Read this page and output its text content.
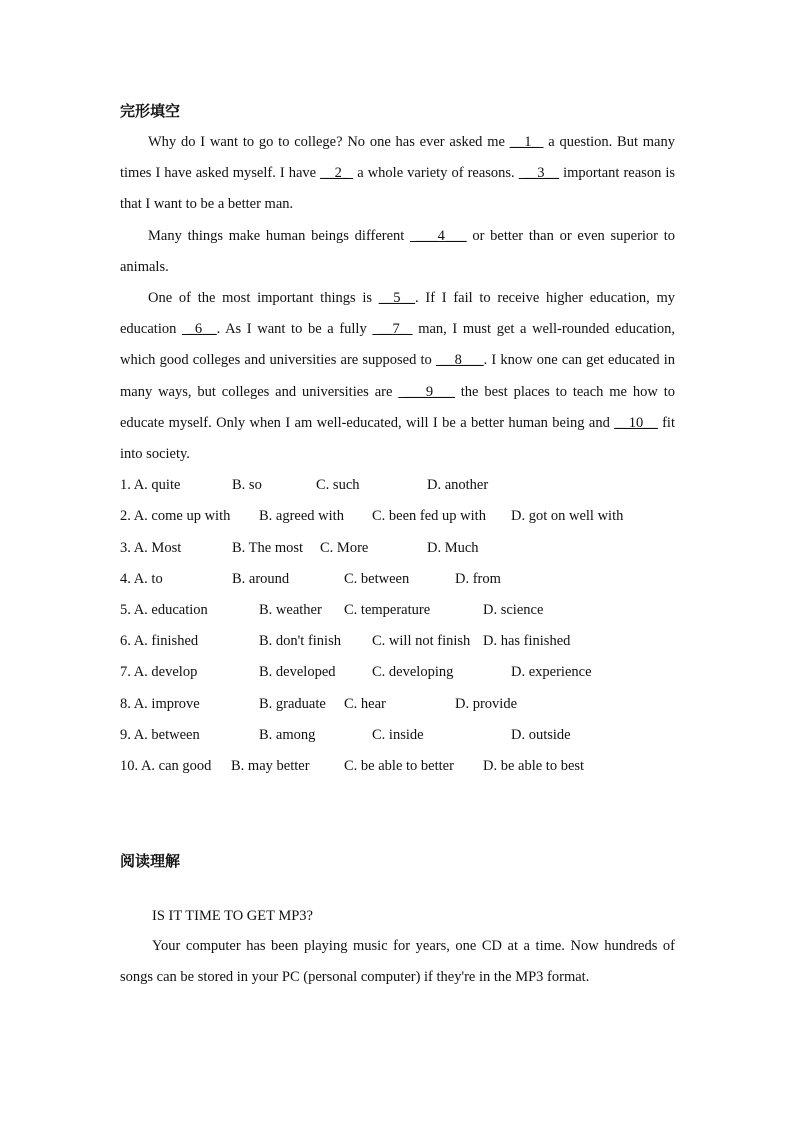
完形填空
Why do I want to go to college? No one has ever asked me __1_  a question. But many times I have asked myself. I have __2_  a whole variety of reasons.  __3__ important reason is that I want to be a better man.
Many things make human beings different  ___4___ or better than or even superior to animals.
One of the most important things is __5__. If I fail to receive higher education, my education  _6__. As I want to be a fully  __7_  man, I must get a well-rounded education, which good colleges and universities are supposed to  __8___. I know one can get educated in many ways, but colleges and universities are  ___9___ the best places to teach me how to educate myself. Only when I am well-educated, will I be a better human being and __10__ fit into society.
1. A. quite	B. so	C. such	D. another
2. A. come up with B. agreed with C. been fed up with D. got on well with
3. A. Most	B. The most C. More	D. Much
4. A. to	B. around	C. between	D. from
5. A. education	B. weather C. temperature	D. science
6. A. finished	B. don't finish C. will not finish D. has finished
7. A. develop	B. developed	C. developing	D. experience
8. A. improve	B. graduate C. hear	D. provide
9. A. between	B. among	C. inside	D. outside
10. A. can good B. may better C. be able to better D. be able to best
阅读理解
IS IT TIME TO GET MP3?
Your computer has been playing music for years, one CD at a time. Now hundreds of songs can be stored in your PC (personal computer) if they're in the MP3 format.
